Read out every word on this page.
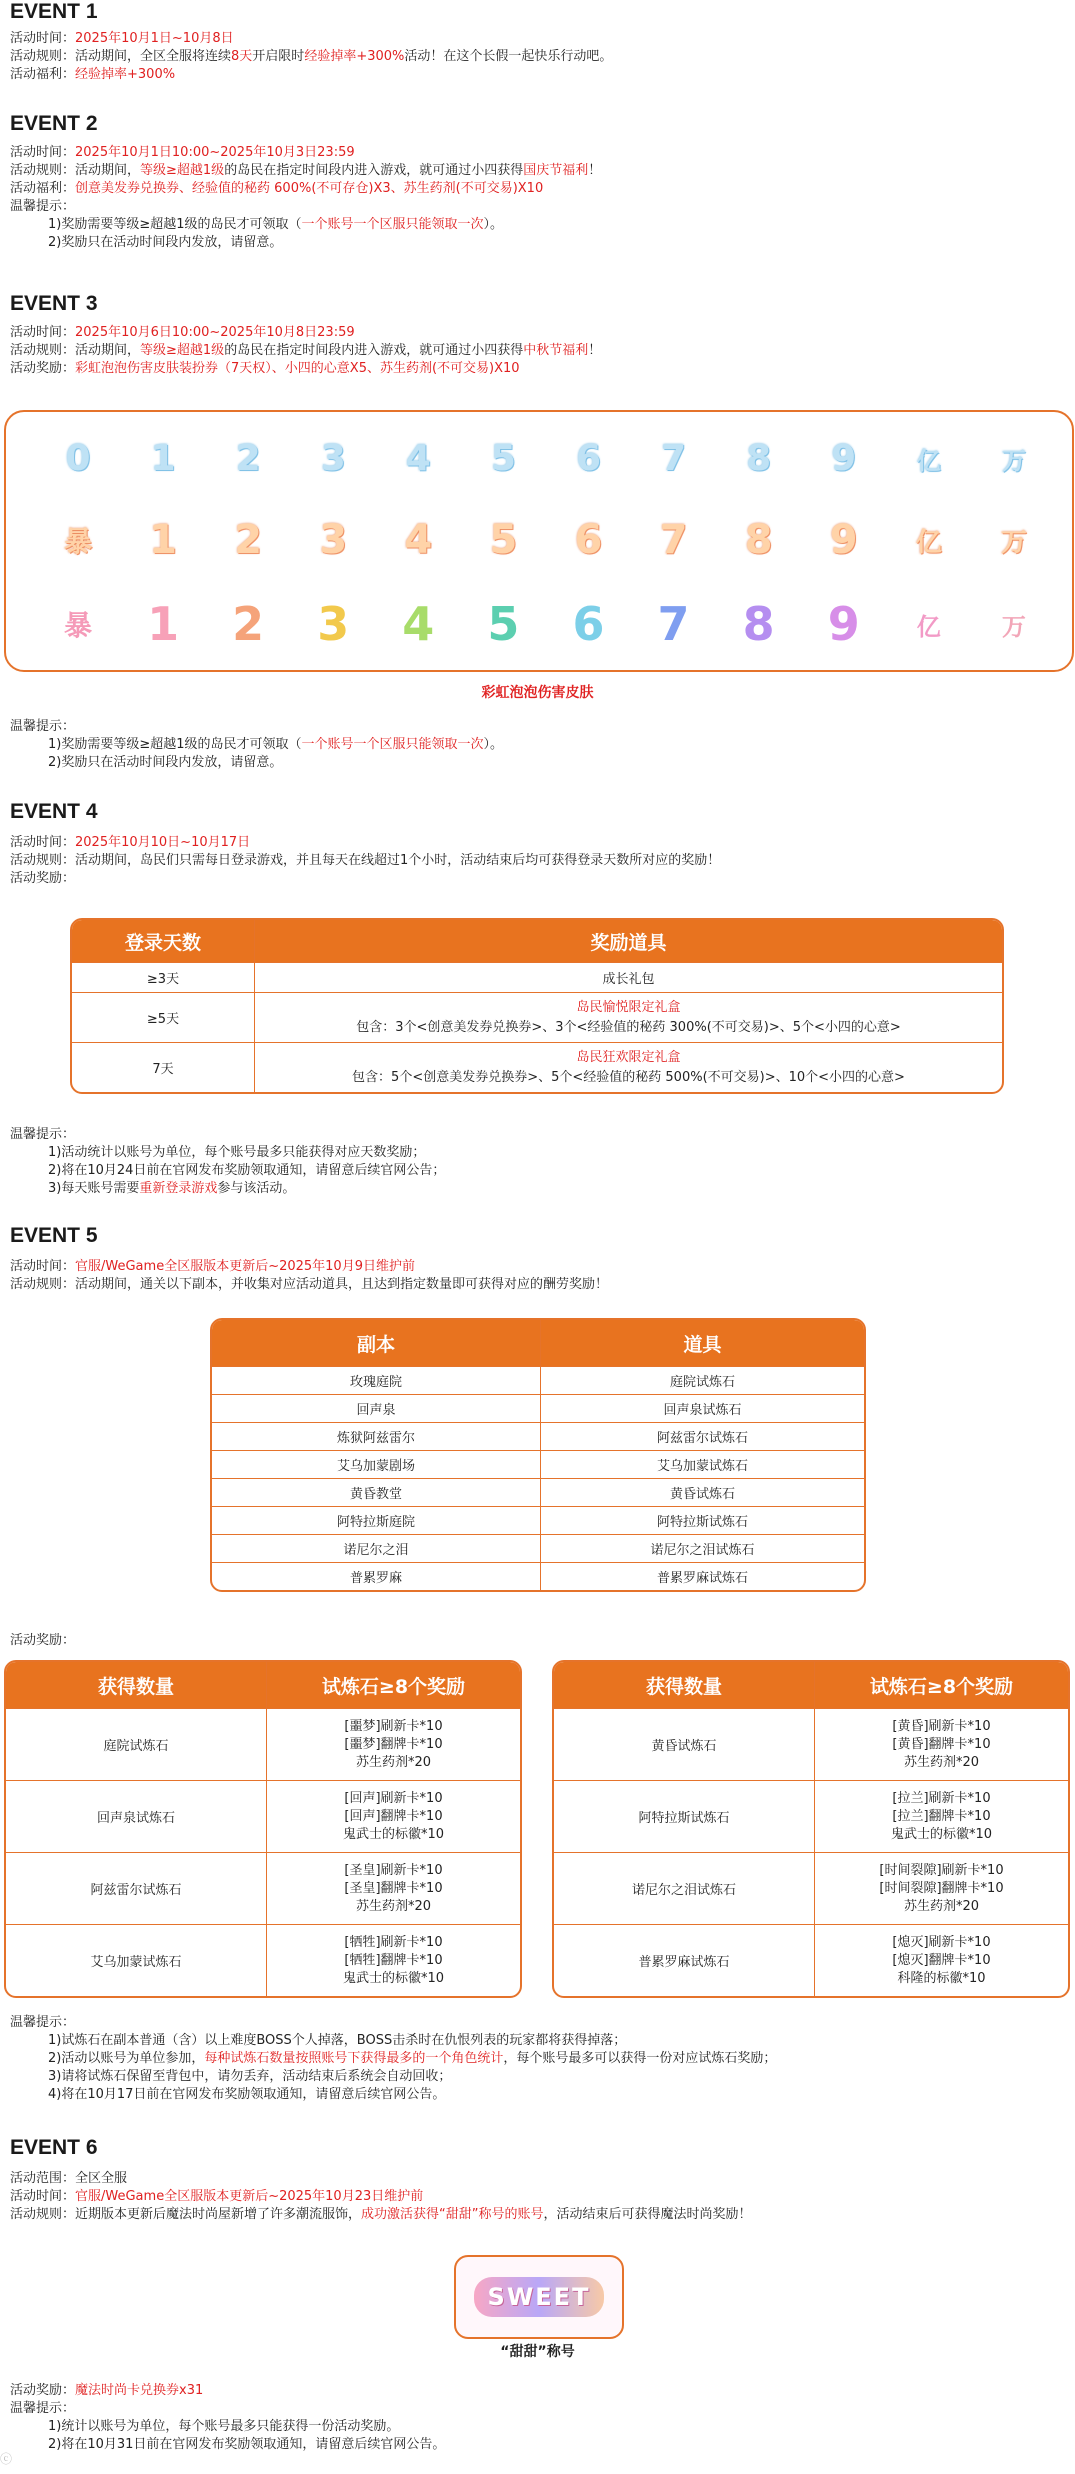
EVENT 1
活动时间：2025年10月1日~10月8日
活动规则：活动期间，全区全服将连续8天开启限时经验掉率+300%活动！在这个长假一起快乐行动吧。
活动福利：经验掉率+300%
EVENT 2
活动时间：2025年10月1日10:00~2025年10月3日23:59
活动规则：活动期间，等级≥超越1级的岛民在指定时间段内进入游戏，就可通过小四获得国庆节福利！
活动福利：创意美发券兑换券、经验值的秘药 600%(不可存仓)X3、苏生药剂(不可交易)X10
温馨提示：
1)奖励需要等级≥超越1级的岛民才可领取（一个账号一个区服只能领取一次）。
2)奖励只在活动时间段内发放，请留意。
EVENT 3
活动时间：2025年10月6日10:00~2025年10月8日23:59
活动规则：活动期间，等级≥超越1级的岛民在指定时间段内进入游戏，就可通过小四获得中秋节福利！
活动奖励：彩虹泡泡伤害皮肤装扮券（7天权）、小四的心意X5、苏生药剂(不可交易)X10
0	1	2	3	4	5	6	7	8	9	亿	万
暴	1	2	3	4	5	6	7	8	9	亿	万
暴	1	2	3	4	5	6	7	8	9	亿	万
彩虹泡泡伤害皮肤
温馨提示：
1)奖励需要等级≥超越1级的岛民才可领取（一个账号一个区服只能领取一次）。
2)奖励只在活动时间段内发放，请留意。
EVENT 4
活动时间：2025年10月10日~10月17日
活动规则：活动期间，岛民们只需每日登录游戏，并且每天在线超过1个小时，活动结束后均可获得登录天数所对应的奖励！
活动奖励：
登录天数	奖励道具
≥3天	成长礼包
≥5天	岛民愉悦限定礼盒
包含：3个<创意美发券兑换券>、3个<经验值的秘药 300%(不可交易)>、5个<小四的心意>

7天	岛民狂欢限定礼盒
包含：5个<创意美发券兑换券>、5个<经验值的秘药 500%(不可交易)>、10个<小四的心意>
温馨提示：
1)活动统计以账号为单位，每个账号最多只能获得对应天数奖励；
2)将在10月24日前在官网发布奖励领取通知，请留意后续官网公告；
3)每天账号需要重新登录游戏参与该活动。
EVENT 5
活动时间：官服/WeGame全区服版本更新后~2025年10月9日维护前
活动规则：活动期间，通关以下副本，并收集对应活动道具，且达到指定数量即可获得对应的酬劳奖励！
副本	道具
玫瑰庭院	庭院试炼石
回声泉	回声泉试炼石
炼狱阿兹雷尔	阿兹雷尔试炼石
艾乌加蒙剧场	艾乌加蒙试炼石
黄昏教堂	黄昏试炼石
阿特拉斯庭院	阿特拉斯试炼石
诺尼尔之泪	诺尼尔之泪试炼石
普累罗麻	普累罗麻试炼石
活动奖励：
获得数量	试炼石≥8个奖励
庭院试炼石	[噩梦]刷新卡*10
[噩梦]翻牌卡*10
苏生药剂*20

回声泉试炼石	[回声]刷新卡*10
[回声]翻牌卡*10
鬼武士的标徽*10

阿兹雷尔试炼石	[圣皇]刷新卡*10
[圣皇]翻牌卡*10
苏生药剂*20

艾乌加蒙试炼石	[牺牲]刷新卡*10
[牺牲]翻牌卡*10
鬼武士的标徽*10
获得数量	试炼石≥8个奖励
黄昏试炼石	[黄昏]刷新卡*10
[黄昏]翻牌卡*10
苏生药剂*20

阿特拉斯试炼石	[拉兰]刷新卡*10
[拉兰]翻牌卡*10
鬼武士的标徽*10

诺尼尔之泪试炼石	[时间裂隙]刷新卡*10
[时间裂隙]翻牌卡*10
苏生药剂*20

普累罗麻试炼石	[熄灭]刷新卡*10
[熄灭]翻牌卡*10
科隆的标徽*10
温馨提示：
1)试炼石在副本普通（含）以上难度BOSS个人掉落，BOSS击杀时在仇恨列表的玩家都将获得掉落；
2)活动以账号为单位参加，每种试炼石数量按照账号下获得最多的一个角色统计，每个账号最多可以获得一份对应试炼石奖励；
3)请将试炼石保留至背包中，请勿丢弃，活动结束后系统会自动回收；
4)将在10月17日前在官网发布奖励领取通知，请留意后续官网公告。
EVENT 6
活动范围：全区全服
活动时间：官服/WeGame全区服版本更新后~2025年10月23日维护前
活动规则：近期版本更新后魔法时尚屋新增了许多潮流服饰，成功激活获得“甜甜”称号的账号，活动结束后可获得魔法时尚奖励！
SWEET
“甜甜”称号
活动奖励：魔法时尚卡兑换券x31
温馨提示：
1)统计以账号为单位，每个账号最多只能获得一份活动奖励。
2)将在10月31日前在官网发布奖励领取通知，请留意后续官网公告。
ⓒ
